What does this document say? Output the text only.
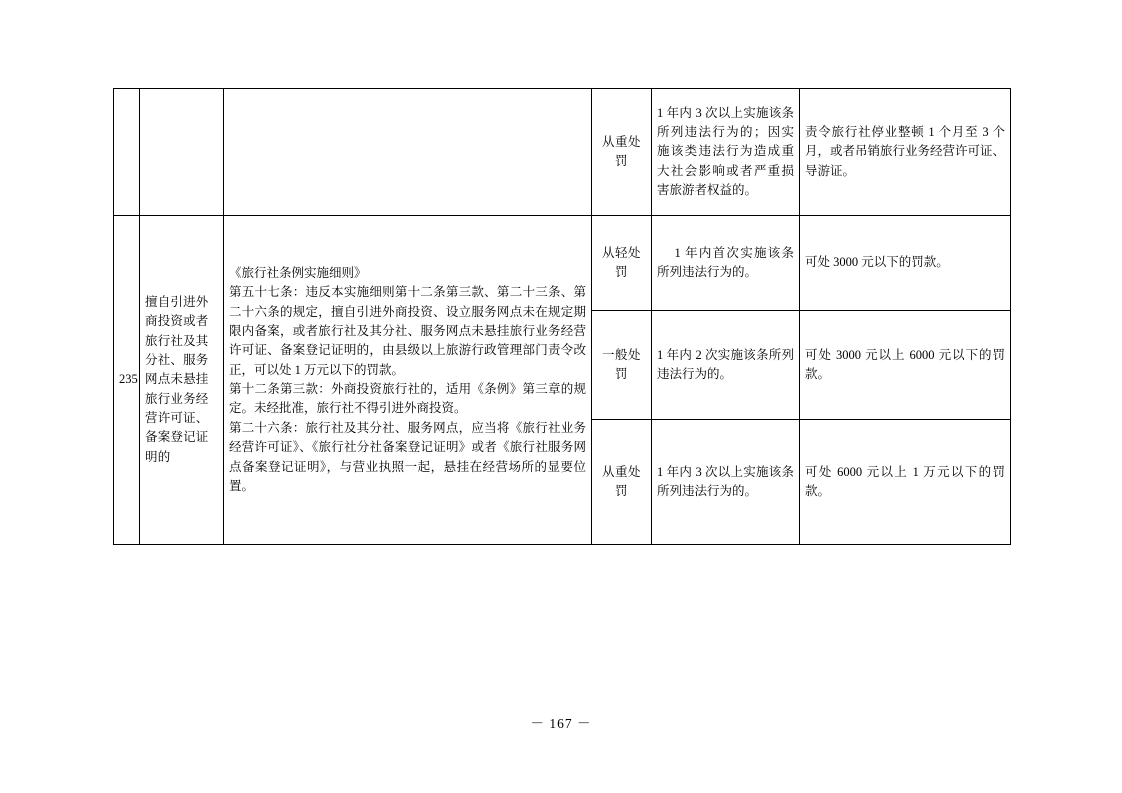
			从重处罚	1 年内 3 次以上实施该条所列违法行为的；因实施该类违法行为造成重大社会影响或者严重损害旅游者权益的。	责令旅行社停业整顿 1 个月至 3 个月，或者吊销旅行业务经营许可证、导游证。
235	擅自引进外商投资或者旅行社及其分社、服务网点未悬挂旅行业务经营许可证、备案登记证明的	《旅行社条例实施细则》

第五十七条：违反本实施细则第十二条第三款、第二十三条、第二十六条的规定，擅自引进外商投资、设立服务网点未在规定期限内备案，或者旅行社及其分社、服务网点未悬挂旅行业务经营许可证、备案登记证明的，由县级以上旅游行政管理部门责令改正，可以处 1 万元以下的罚款。

第十二条第三款：外商投资旅行社的，适用《条例》第三章的规定。未经批准，旅行社不得引进外商投资。

第二十六条：旅行社及其分社、服务网点，应当将《旅行社业务经营许可证》、《旅行社分社备案登记证明》或者《旅行社服务网点备案登记证明》，与营业执照一起，悬挂在经营场所的显要位置。	从轻处罚	1 年内首次实施该条所列违法行为的。	可处 3000 元以下的罚款。
			一般处罚	1 年内 2 次实施该条所列违法行为的。	可处 3000 元以上 6000 元以下的罚款。
			从重处罚	1 年内 3 次以上实施该条所列违法行为的。	可处 6000 元以上 1 万元以下的罚款。
－ 167 －
